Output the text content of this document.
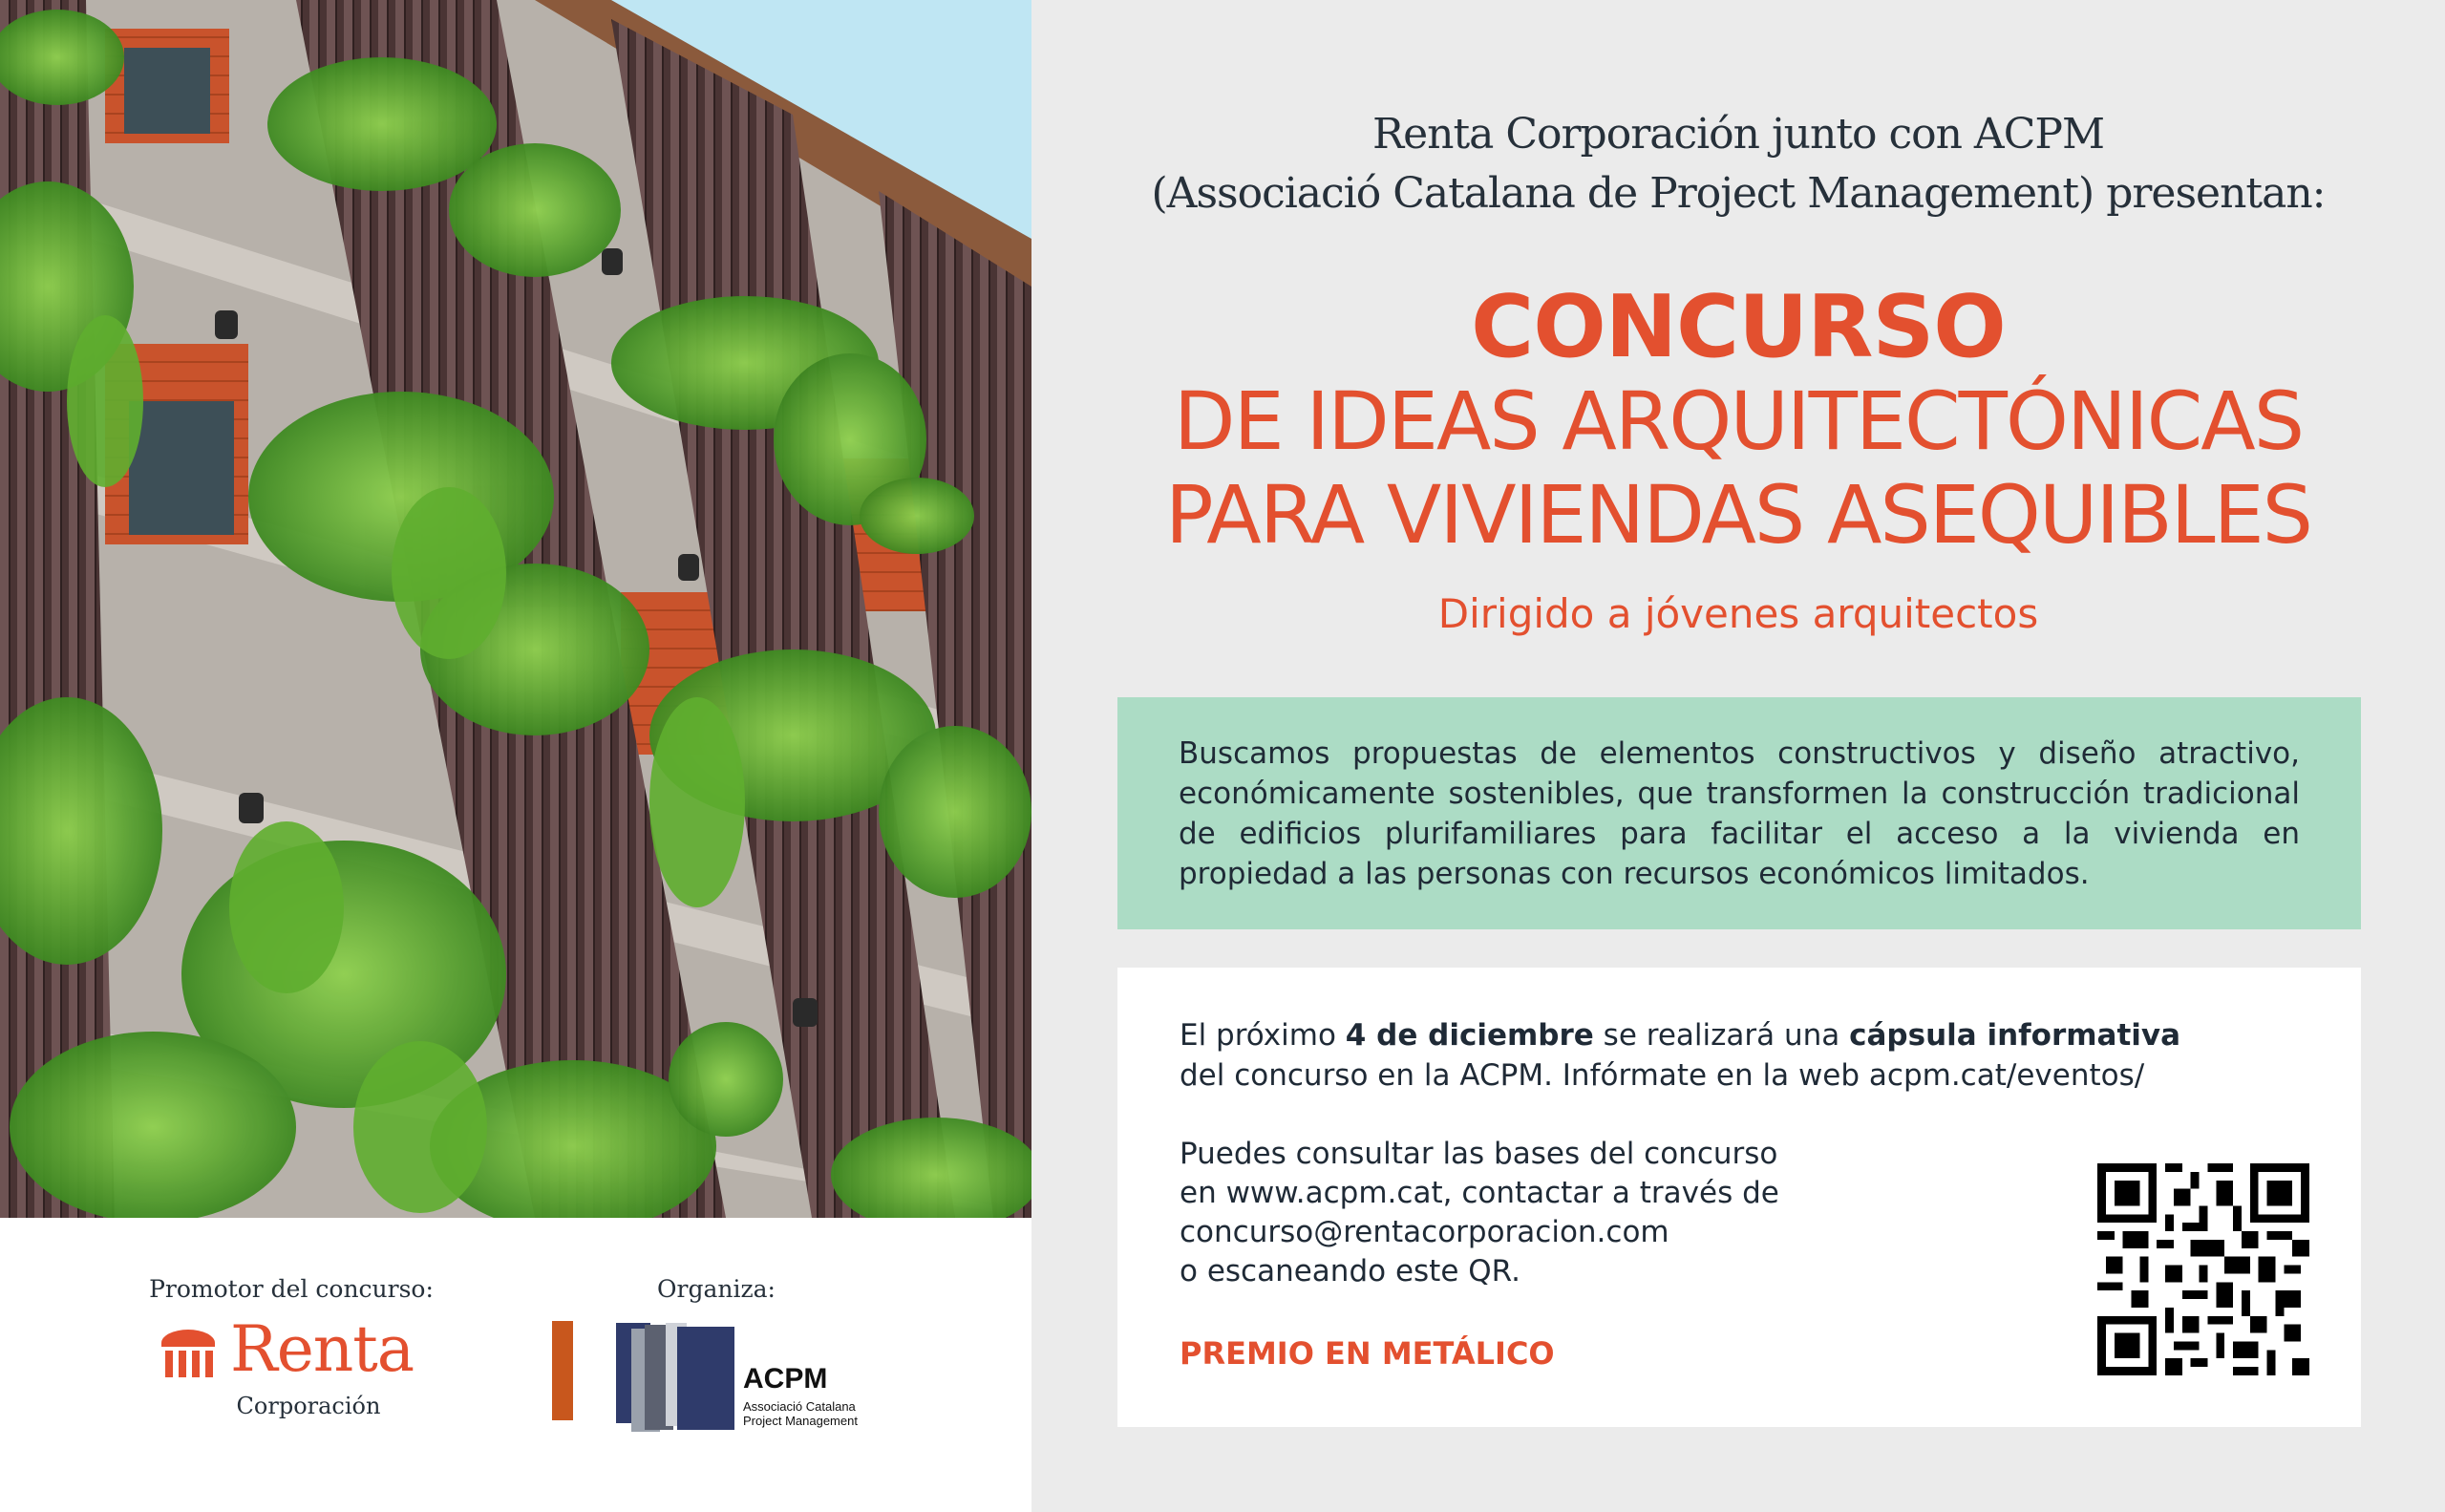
Promotor del concurso:
Renta
Corporación
Organiza:
ACPM
Associació Catalana
Project Management
Renta Corporación junto con ACPM
(Associació Catalana de Project Management) presentan:
CONCURSO
DE IDEAS ARQUITECTÓNICAS
PARA VIVIENDAS ASEQUIBLES
Dirigido a jóvenes arquitectos

Buscamos propuestas de elementos constructivos y diseño atractivo, económicamente sostenibles, que transformen la construcción tradicional de edificios plurifamiliares para facilitar el acceso a la vivienda en propiedad a las personas con recursos económicos limitados.

El próximo 4 de diciembre se realizará una cápsula informativa
del concurso en la ACPM. Infórmate en la web acpm.cat/eventos/
Puedes consultar las bases del concurso
en www.acpm.cat, contactar a través de
concurso@rentacorporacion.com
o escaneando este QR.
PREMIO EN METÁLICO
